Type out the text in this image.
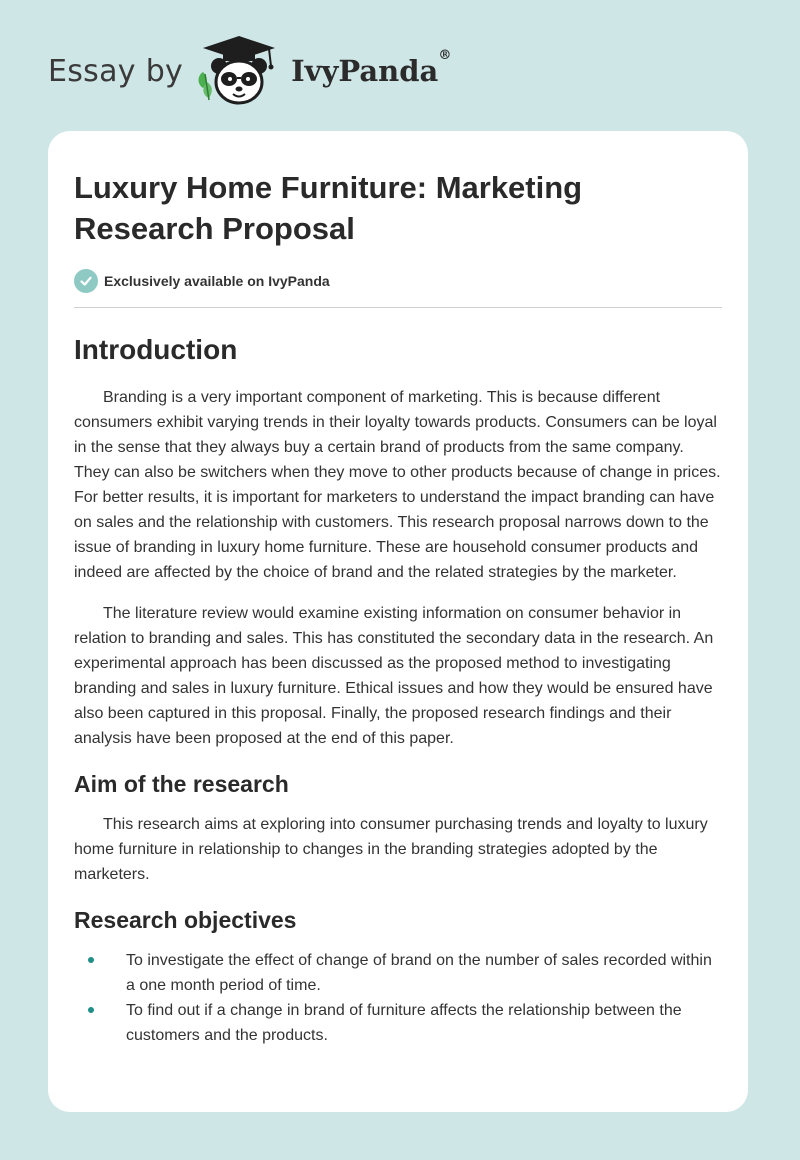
Essay by	IvyPanda®
Luxury Home Furniture: Marketing Research Proposal
Exclusively available on IvyPanda
Introduction

Branding is a very important component of marketing. This is because different consumers exhibit varying trends in their loyalty towards products. Consumers can be loyal in the sense that they always buy a certain brand of products from the same company. They can also be switchers when they move to other products because of change in prices. For better results, it is important for marketers to understand the impact branding can have on sales and the relationship with customers. This research proposal narrows down to the issue of branding in luxury home furniture. These are household consumer products and indeed are affected by the choice of brand and the related strategies by the marketer.

The literature review would examine existing information on consumer behavior in relation to branding and sales. This has constituted the secondary data in the research. An experimental approach has been discussed as the proposed method to investigating branding and sales in luxury furniture. Ethical issues and how they would be ensured have also been captured in this proposal. Finally, the proposed research findings and their analysis have been proposed at the end of this paper.

Aim of the research

This research aims at exploring into consumer purchasing trends and loyalty to luxury home furniture in relationship to changes in the branding strategies adopted by the marketers.

Research objectives
To investigate the effect of change of brand on the number of sales recorded within a one month period of time.
To find out if a change in brand of furniture affects the relationship between the customers and the products.
